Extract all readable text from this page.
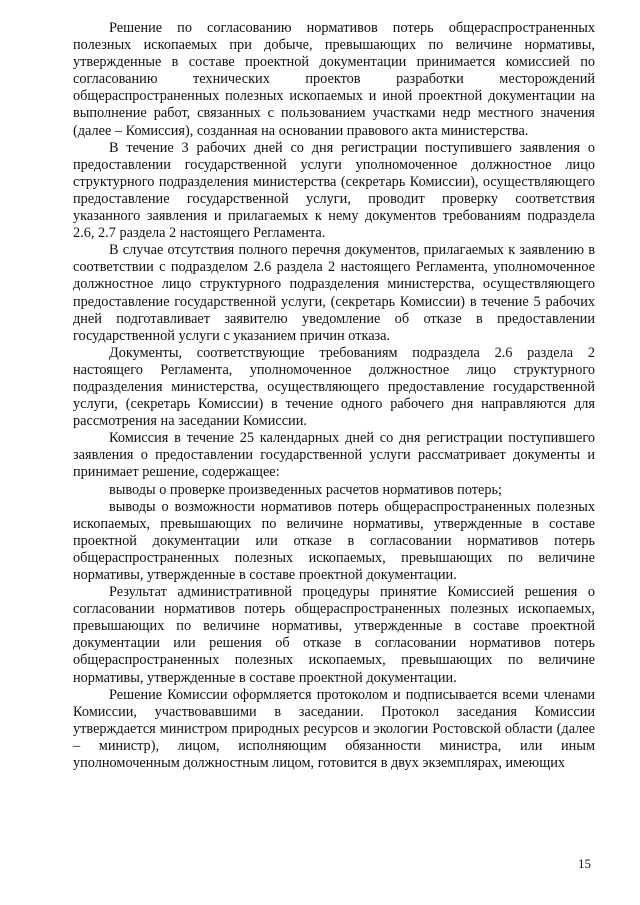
Решение по согласованию нормативов потерь общераспространенных полезных ископаемых при добыче, превышающих по величине нормативы, утвержденные в составе проектной документации принимается комиссией по согласованию технических проектов разработки месторождений общераспространенных полезных ископаемых и иной проектной документации на выполнение работ, связанных с пользованием участками недр местного значения (далее – Комиссия), созданная на основании правового акта министерства.

В течение 3 рабочих дней со дня регистрации поступившего заявления о предоставлении государственной услуги уполномоченное должностное лицо структурного подразделения министерства (секретарь Комиссии), осуществляющего предоставление государственной услуги, проводит проверку соответствия указанного заявления и прилагаемых к нему документов требованиям подраздела 2.6, 2.7 раздела 2 настоящего Регламента.

В случае отсутствия полного перечня документов, прилагаемых к заявлению в соответствии с подразделом 2.6 раздела 2 настоящего Регламента, уполномоченное должностное лицо структурного подразделения министерства, осуществляющего предоставление государственной услуги, (секретарь Комиссии) в течение 5 рабочих дней подготавливает заявителю уведомление об отказе в предоставлении государственной услуги с указанием причин отказа.

Документы, соответствующие требованиям подраздела 2.6 раздела 2 настоящего Регламента, уполномоченное должностное лицо структурного подразделения министерства, осуществляющего предоставление государственной услуги, (секретарь Комиссии) в течение одного рабочего дня направляются для рассмотрения на заседании Комиссии.

Комиссия в течение 25 календарных дней со дня регистрации поступившего заявления о предоставлении государственной услуги рассматривает документы и принимает решение, содержащее:

выводы о проверке произведенных расчетов нормативов потерь;

выводы о возможности нормативов потерь общераспространенных полезных ископаемых, превышающих по величине нормативы, утвержденные в составе проектной документации или отказе в согласовании нормативов потерь общераспространенных полезных ископаемых, превышающих по величине нормативы, утвержденные в составе проектной документации.

Результат административной процедуры принятие Комиссией решения о согласовании нормативов потерь общераспространенных полезных ископаемых, превышающих по величине нормативы, утвержденные в составе проектной документации или решения об отказе в согласовании нормативов потерь общераспространенных полезных ископаемых, превышающих по величине нормативы, утвержденные в составе проектной документации.

Решение Комиссии оформляется протоколом и подписывается всеми членами Комиссии, участвовавшими в заседании. Протокол заседания Комиссии утверждается министром природных ресурсов и экологии Ростовской области (далее – министр), лицом, исполняющим обязанности министра, или иным уполномоченным должностным лицом, готовится в двух экземплярах, имеющих

15
